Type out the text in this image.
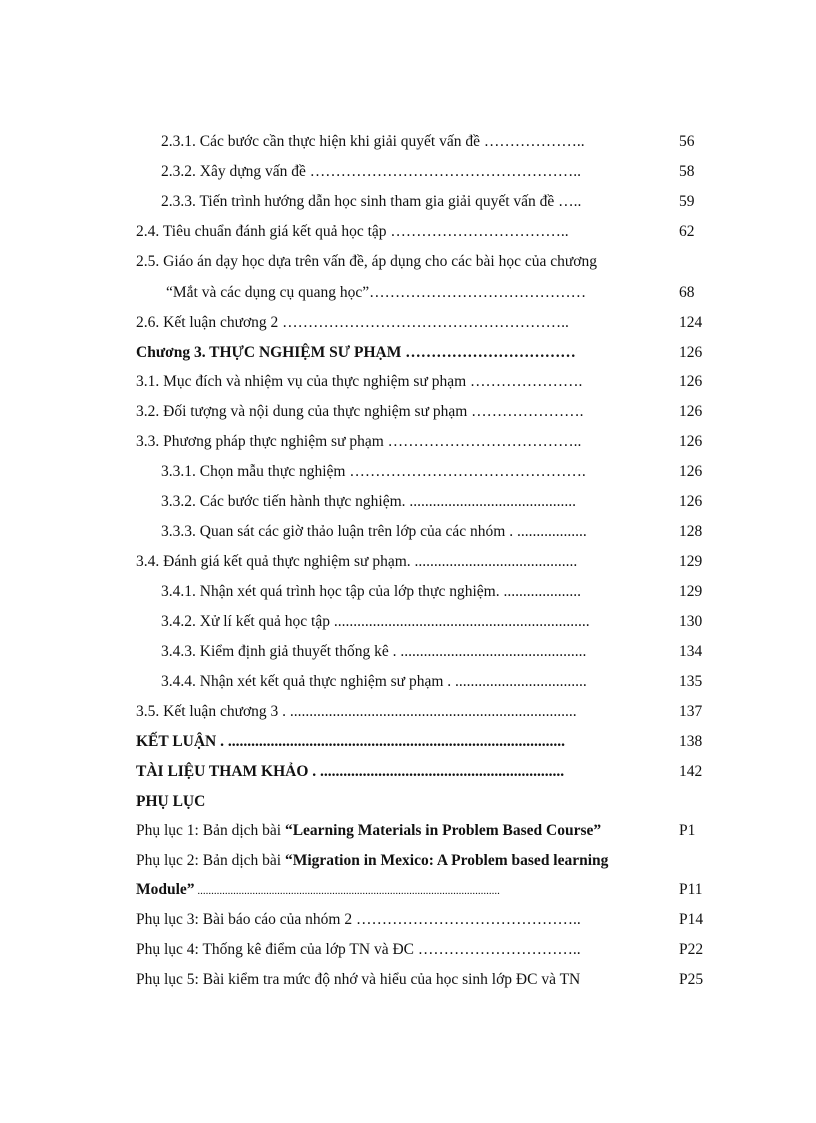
2.3.1. Các bước cần thực hiện khi giải quyết vấn đề ………………..	56
2.3.2. Xây dựng vấn đề ……………………………………………..	58
2.3.3. Tiến trình hướng dẫn học sinh tham gia giải quyết vấn đề …..	59
2.4. Tiêu chuẩn đánh giá kết quả học tập ……………………………..	62
2.5. Giáo án dạy học dựa trên vấn đề, áp dụng cho các bài học của chương
“Mắt và các dụng cụ quang học”……………………………………	68
2.6. Kết luận chương 2 ………………………………………………..	124
Chương 3. THỰC NGHIỆM SƯ PHẠM ……………………………	126
3.1. Mục đích và nhiệm vụ của thực nghiệm sư phạm ………………….	126
3.2. Đối tượng và nội dung của thực nghiệm sư phạm ………………….	126
3.3. Phương pháp thực nghiệm sư phạm ………………………………..	126
3.3.1. Chọn mẫu thực nghiệm ……………………………………….	126
3.3.2. Các bước tiến hành thực nghiệm. ...........................................	126
3.3.3. Quan sát các giờ thảo luận trên lớp của các nhóm . ..................	128
3.4. Đánh giá kết quả thực nghiệm sư phạm. ..........................................	129
3.4.1. Nhận xét quá trình học tập của lớp thực nghiệm. ....................	129
3.4.2. Xử lí kết quả học tập ..................................................................	130
3.4.3. Kiểm định giả thuyết thống kê . ................................................	134
3.4.4. Nhận xét kết quả thực nghiệm sư phạm . ..................................	135
3.5. Kết luận chương 3 . ..........................................................................	137
KẾT LUẬN . .......................................................................................	138
TÀI LIỆU THAM KHẢO . ...............................................................	142
PHỤ LỤC
Phụ lục 1: Bản dịch bài “Learning Materials in Problem Based Course”	P1
Phụ lục 2: Bản dịch bài “Migration in Mexico: A Problem based learning
Module” ..............................................................................................................	P11
Phụ lục 3: Bài báo cáo của nhóm 2 ……………………………………..	P14
Phụ lục 4: Thống kê điểm của lớp TN và ĐC …………………………..	P22
Phụ lục 5: Bài kiểm tra mức độ nhớ và hiểu của học sinh lớp ĐC và TN	P25
